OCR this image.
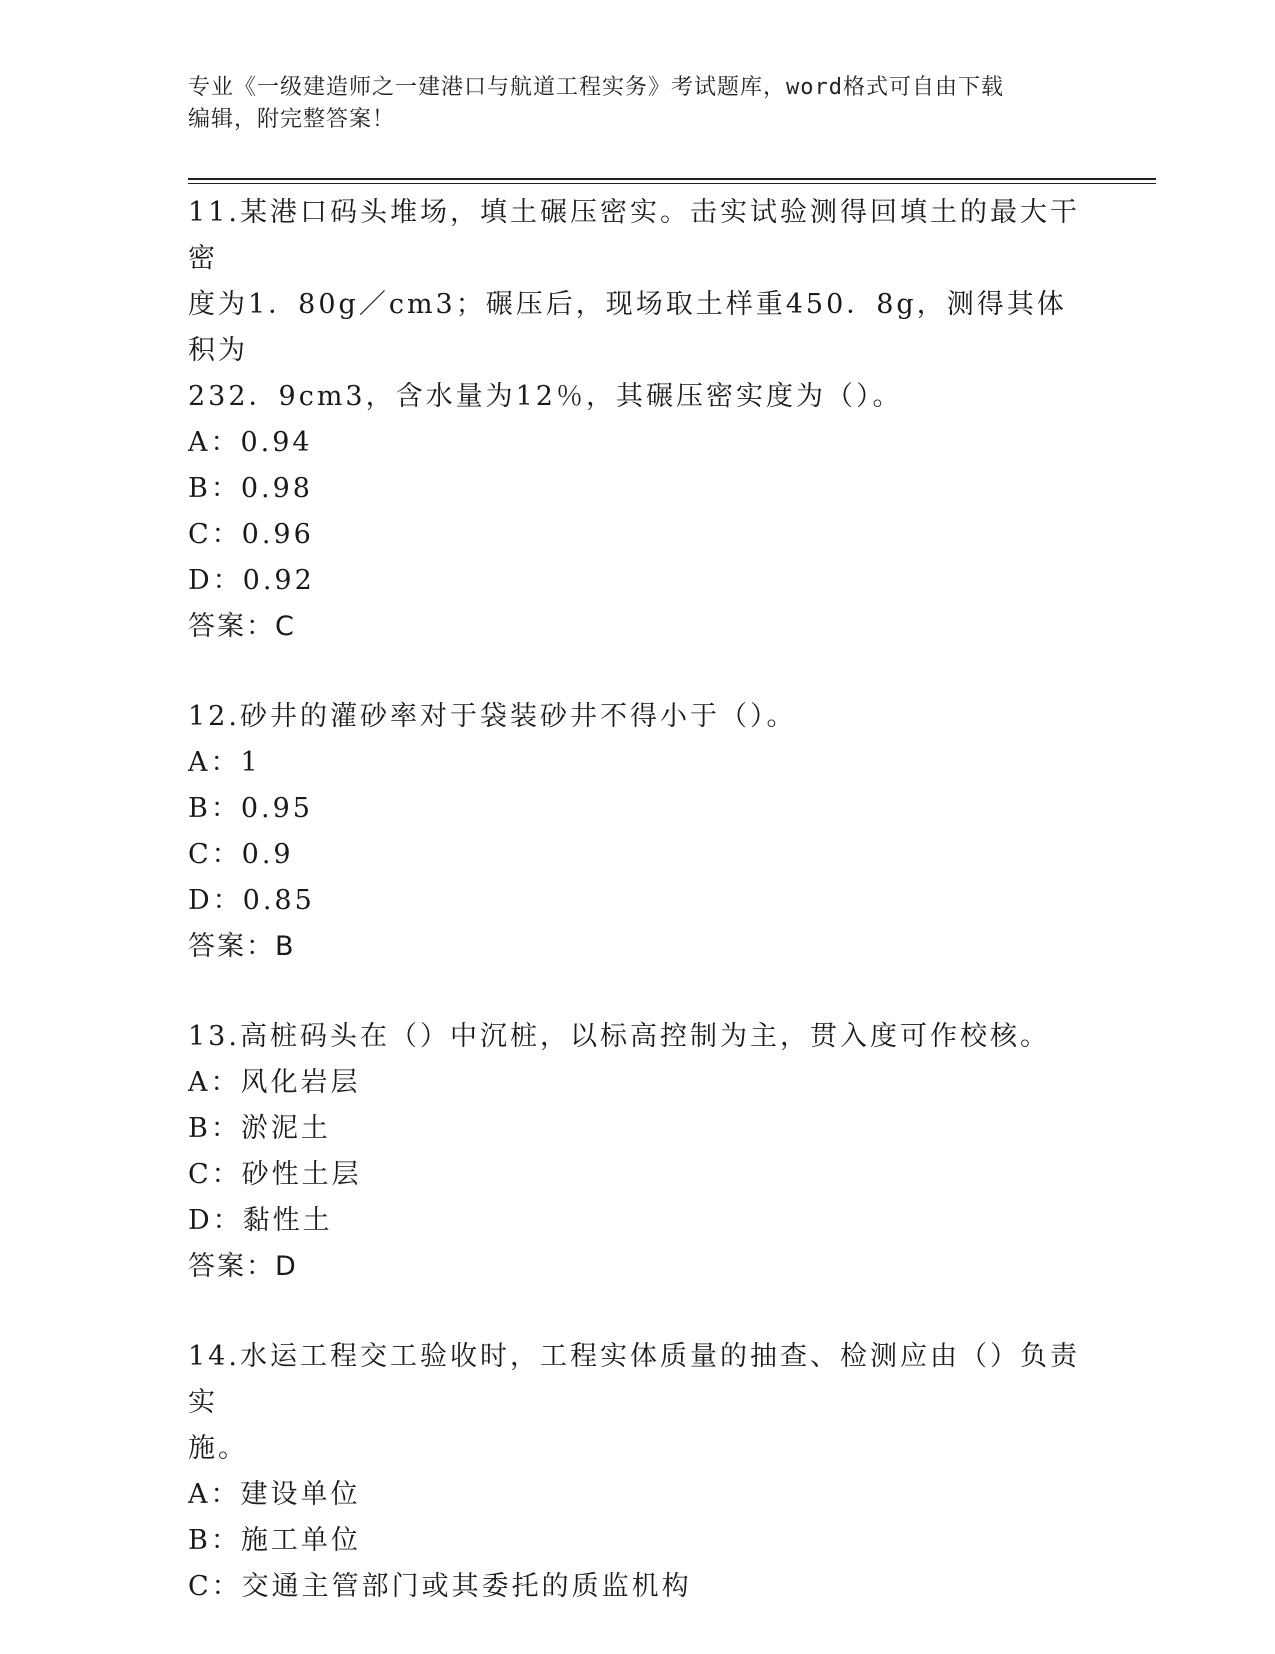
专业《一级建造师之一建港口与航道工程实务》考试题库，word格式可自由下载
编辑，附完整答案！
11.某港口码头堆场，填土碾压密实。击实试验测得回填土的最大干密
度为1．80g／cm3；碾压后，现场取土样重450．8g，测得其体积为
232．9cm3，含水量为12％，其碾压密实度为（）。
A：0.94
B：0.98
C：0.96
D：0.92
答案：C
12.砂井的灌砂率对于袋装砂井不得小于（）。
A：1
B：0.95
C：0.9
D：0.85
答案：B
13.高桩码头在（）中沉桩，以标高控制为主，贯入度可作校核。
A：风化岩层
B：淤泥土
C：砂性土层
D：黏性土
答案：D
14.水运工程交工验收时，工程实体质量的抽查、检测应由（）负责实
施。
A：建设单位
B：施工单位
C：交通主管部门或其委托的质监机构
